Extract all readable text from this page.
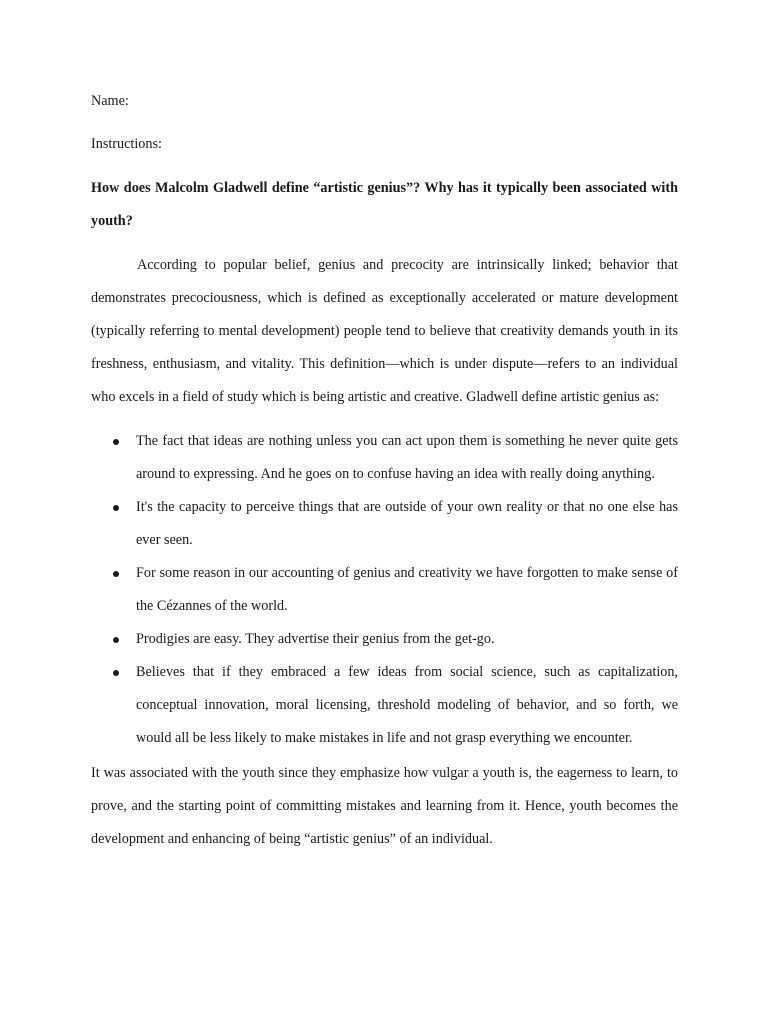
Name:

Instructions:

How does Malcolm Gladwell define “artistic genius”? Why has it typically been associated with youth?

According to popular belief, genius and precocity are intrinsically linked; behavior that demonstrates precociousness, which is defined as exceptionally accelerated or mature development (typically referring to mental development) people tend to believe that creativity demands youth in its freshness, enthusiasm, and vitality. This definition—which is under dispute—refers to an individual who excels in a field of study which is being artistic and creative. Gladwell define artistic genius as:

The fact that ideas are nothing unless you can act upon them is something he never quite gets around to expressing. And he goes on to confuse having an idea with really doing anything.
It's the capacity to perceive things that are outside of your own reality or that no one else has ever seen.
For some reason in our accounting of genius and creativity we have forgotten to make sense of the Cézannes of the world.
Prodigies are easy. They advertise their genius from the get-go.
Believes that if they embraced a few ideas from social science, such as capitalization, conceptual innovation, moral licensing, threshold modeling of behavior, and so forth, we would all be less likely to make mistakes in life and not grasp everything we encounter.

It was associated with the youth since they emphasize how vulgar a youth is, the eagerness to learn, to prove, and the starting point of committing mistakes and learning from it. Hence, youth becomes the development and enhancing of being “artistic genius” of an individual.
